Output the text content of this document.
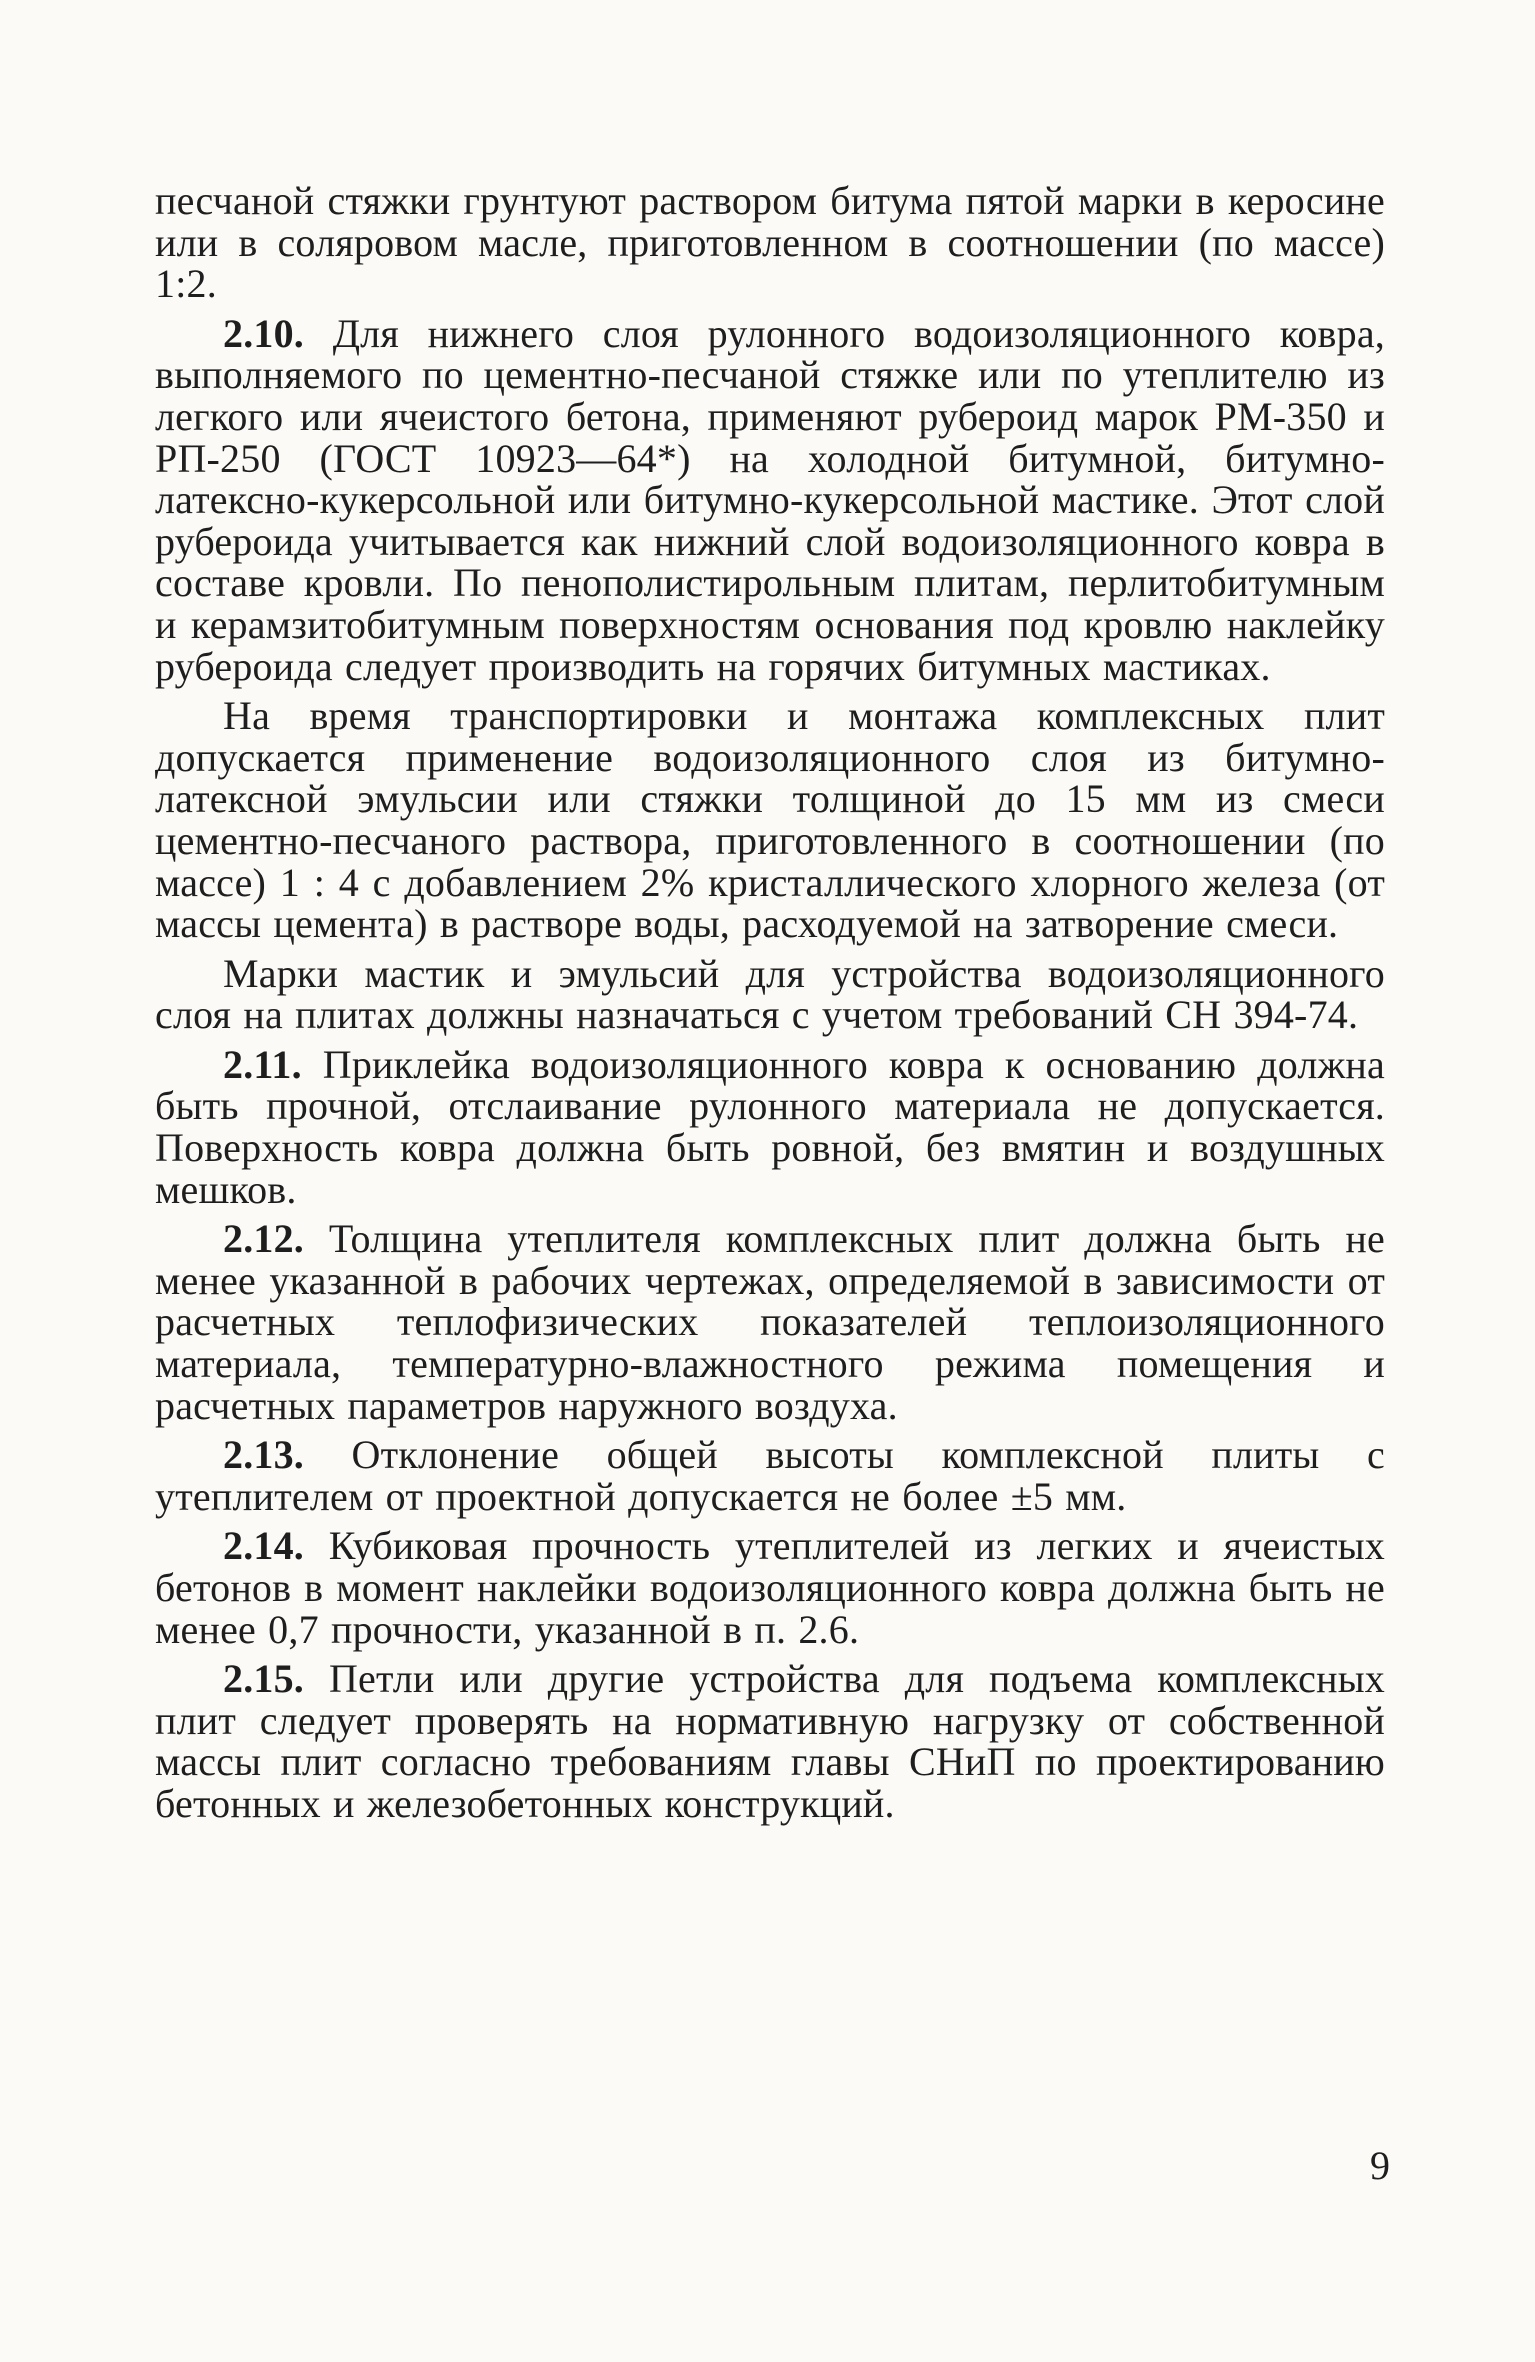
песчаной стяжки грунтуют раствором битума пятой марки в керосине или в соляровом масле, приготовленном в соотношении (по массе) 1:2.

2.10. Для нижнего слоя рулонного водоизоляционного ковра, выполняемого по цементно-песчаной стяжке или по утеплителю из легкого или ячеистого бетона, применяют рубероид марок РМ-350 и РП-250 (ГОСТ 10923—64*) на холодной битумной, битумно-латексно-кукерсольной или битумно-кукерсольной мастике. Этот слой рубероида учитывается как нижний слой водоизоляционного ковра в составе кровли. По пенополистирольным плитам, перлитобитумным и керамзитобитумным поверхностям основания под кровлю наклейку рубероида следует производить на горячих битумных мастиках.

На время транспортировки и монтажа комплексных плит допускается применение водоизоляционного слоя из битумно-латексной эмульсии или стяжки толщиной до 15 мм из смеси цементно-песчаного раствора, приготовленного в соотношении (по массе) 1 : 4 с добавлением 2% кристаллического хлорного железа (от массы цемента) в растворе воды, расходуемой на затворение смеси.

Марки мастик и эмульсий для устройства водоизоляционного слоя на плитах должны назначаться с учетом требований СН 394-74.

2.11. Приклейка водоизоляционного ковра к основанию должна быть прочной, отслаивание рулонного материала не допускается. Поверхность ковра должна быть ровной, без вмятин и воздушных мешков.

2.12. Толщина утеплителя комплексных плит должна быть не менее указанной в рабочих чертежах, определяемой в зависимости от расчетных теплофизических показателей теплоизоляционного материала, температурно-влажностного режима помещения и расчетных параметров наружного воздуха.

2.13. Отклонение общей высоты комплексной плиты с утеплителем от проектной допускается не более ±5 мм.

2.14. Кубиковая прочность утеплителей из легких и ячеистых бетонов в момент наклейки водоизоляционного ковра должна быть не менее 0,7 прочности, указанной в п. 2.6.

2.15. Петли или другие устройства для подъема комплексных плит следует проверять на нормативную нагрузку от собственной массы плит согласно требованиям главы СНиП по проектированию бетонных и железобетонных конструкций.

9
